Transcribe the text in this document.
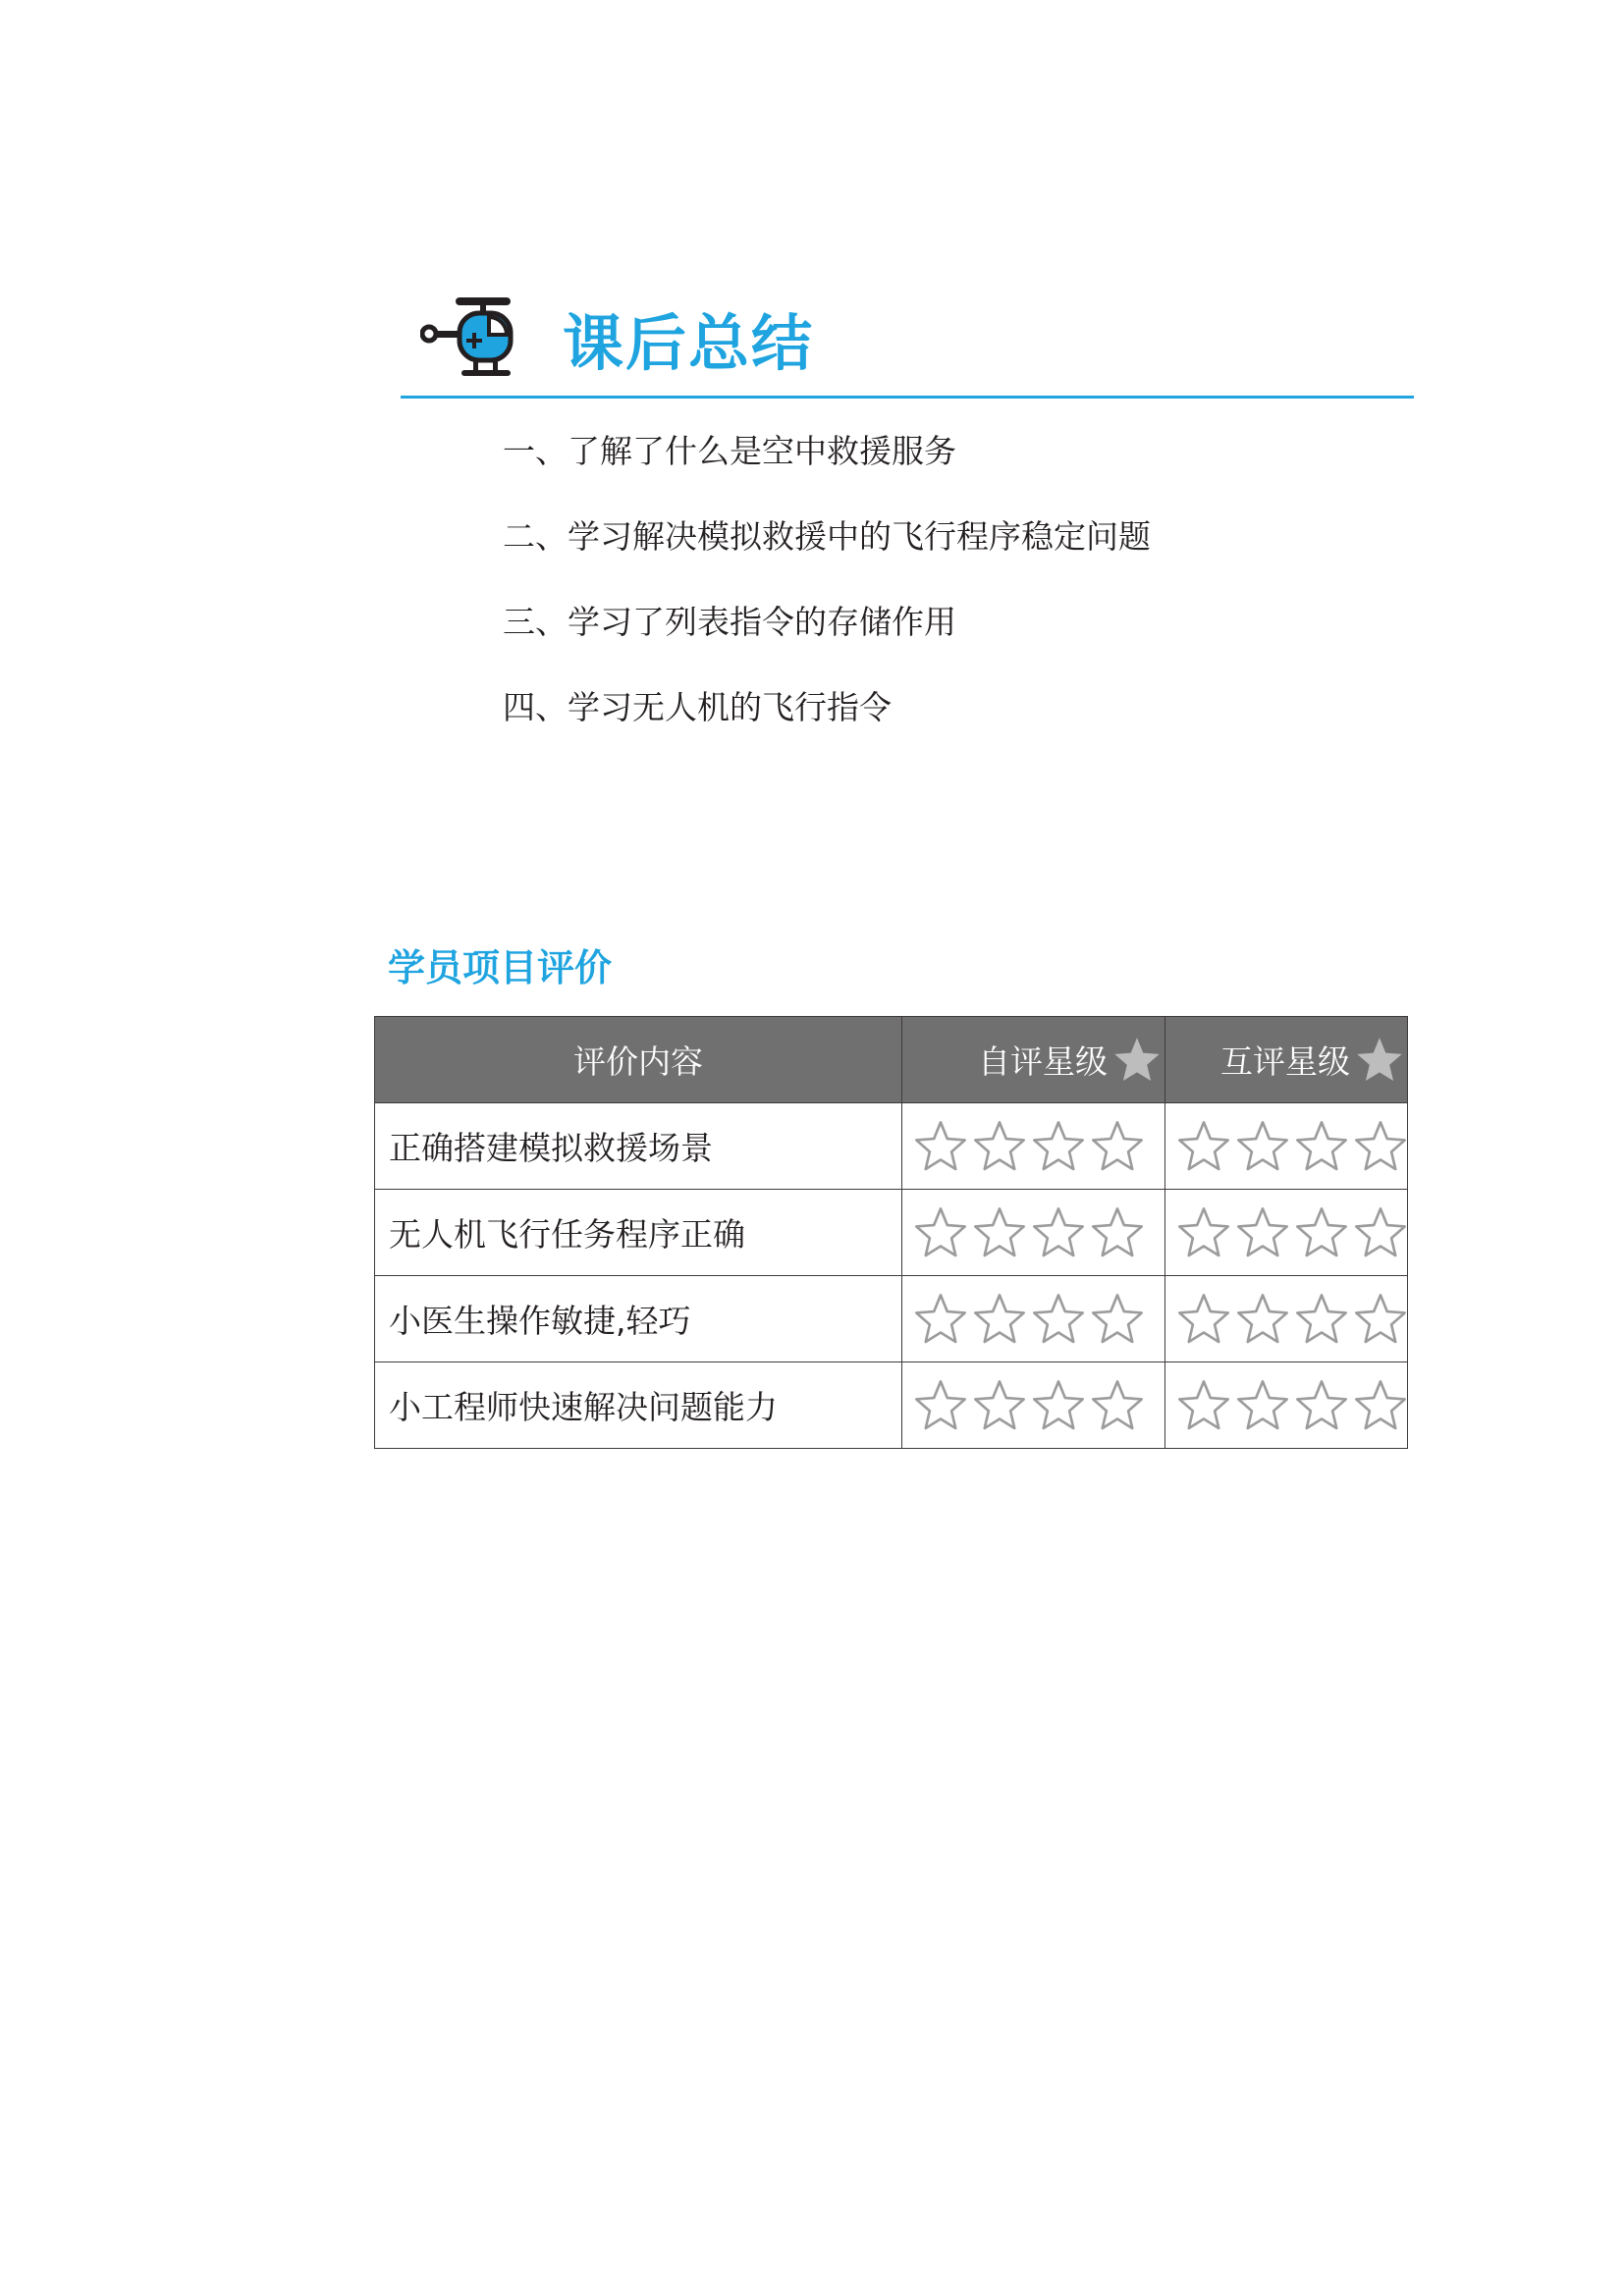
课后总结
一、了解了什么是空中救援服务
二、学习解决模拟救援中的飞行程序稳定问题
三、学习了列表指令的存储作用
四、学习无人机的飞行指令
学员项目评价
评价内容	自评星级	互评星级

正确搭建模拟救援场景	

无人机飞行任务程序正确	

小医生操作敏捷,轻巧	

小工程师快速解决问题能力	
